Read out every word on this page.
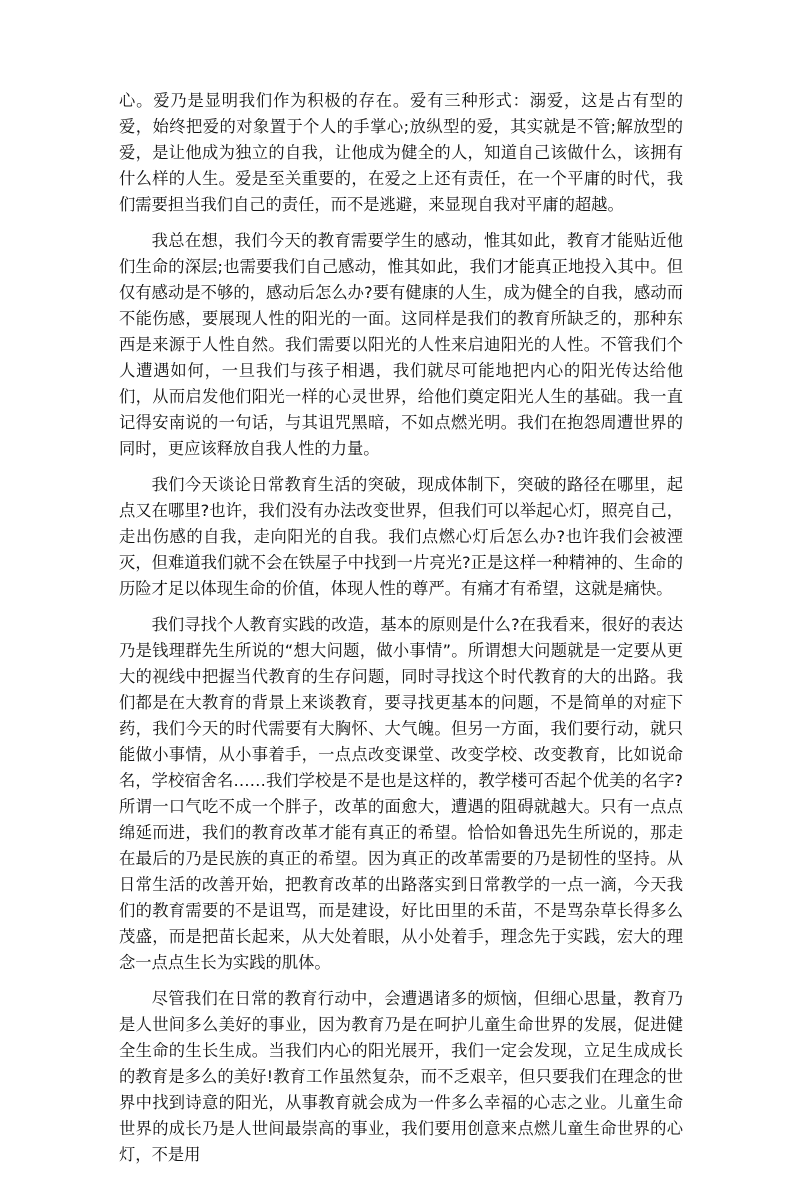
心。爱乃是显明我们作为积极的存在。爱有三种形式：溺爱，这是占有型的爱，始终把爱的对象置于个人的手掌心;放纵型的爱，其实就是不管;解放型的爱，是让他成为独立的自我，让他成为健全的人，知道自己该做什么，该拥有什么样的人生。爱是至关重要的，在爱之上还有责任，在一个平庸的时代，我们需要担当我们自己的责任，而不是逃避，来显现自我对平庸的超越。

我总在想，我们今天的教育需要学生的感动，惟其如此，教育才能贴近他们生命的深层;也需要我们自己感动，惟其如此，我们才能真正地投入其中。但仅有感动是不够的，感动后怎么办?要有健康的人生，成为健全的自我，感动而不能伤感，要展现人性的阳光的一面。这同样是我们的教育所缺乏的，那种东西是来源于人性自然。我们需要以阳光的人性来启迪阳光的人性。不管我们个人遭遇如何，一旦我们与孩子相遇，我们就尽可能地把内心的阳光传达给他们，从而启发他们阳光一样的心灵世界，给他们奠定阳光人生的基础。我一直记得安南说的一句话，与其诅咒黑暗，不如点燃光明。我们在抱怨周遭世界的同时，更应该释放自我人性的力量。

我们今天谈论日常教育生活的突破，现成体制下，突破的路径在哪里，起点又在哪里?也许，我们没有办法改变世界，但我们可以举起心灯，照亮自己，走出伤感的自我，走向阳光的自我。我们点燃心灯后怎么办?也许我们会被湮灭，但难道我们就不会在铁屋子中找到一片亮光?正是这样一种精神的、生命的历险才足以体现生命的价值，体现人性的尊严。有痛才有希望，这就是痛快。

我们寻找个人教育实践的改造，基本的原则是什么?在我看来，很好的表达乃是钱理群先生所说的“想大问题，做小事情”。所谓想大问题就是一定要从更大的视线中把握当代教育的生存问题，同时寻找这个时代教育的大的出路。我们都是在大教育的背景上来谈教育，要寻找更基本的问题，不是简单的对症下药，我们今天的时代需要有大胸怀、大气魄。但另一方面，我们要行动，就只能做小事情，从小事着手，一点点改变课堂、改变学校、改变教育，比如说命名，学校宿舍名……我们学校是不是也是这样的，教学楼可否起个优美的名字?所谓一口气吃不成一个胖子，改革的面愈大，遭遇的阻碍就越大。只有一点点绵延而进，我们的教育改革才能有真正的希望。恰恰如鲁迅先生所说的，那走在最后的乃是民族的真正的希望。因为真正的改革需要的乃是韧性的坚持。从日常生活的改善开始，把教育改革的出路落实到日常教学的一点一滴，今天我们的教育需要的不是诅骂，而是建设，好比田里的禾苗，不是骂杂草长得多么茂盛，而是把苗长起来，从大处着眼，从小处着手，理念先于实践，宏大的理念一点点生长为实践的肌体。

尽管我们在日常的教育行动中，会遭遇诸多的烦恼，但细心思量，教育乃是人世间多么美好的事业，因为教育乃是在呵护儿童生命世界的发展，促进健全生命的生长生成。当我们内心的阳光展开，我们一定会发现，立足生成成长的教育是多么的美好!教育工作虽然复杂，而不乏艰辛，但只要我们在理念的世界中找到诗意的阳光，从事教育就会成为一件多么幸福的心志之业。儿童生命世界的成长乃是人世间最崇高的事业，我们要用创意来点燃儿童生命世界的心灯，不是用
